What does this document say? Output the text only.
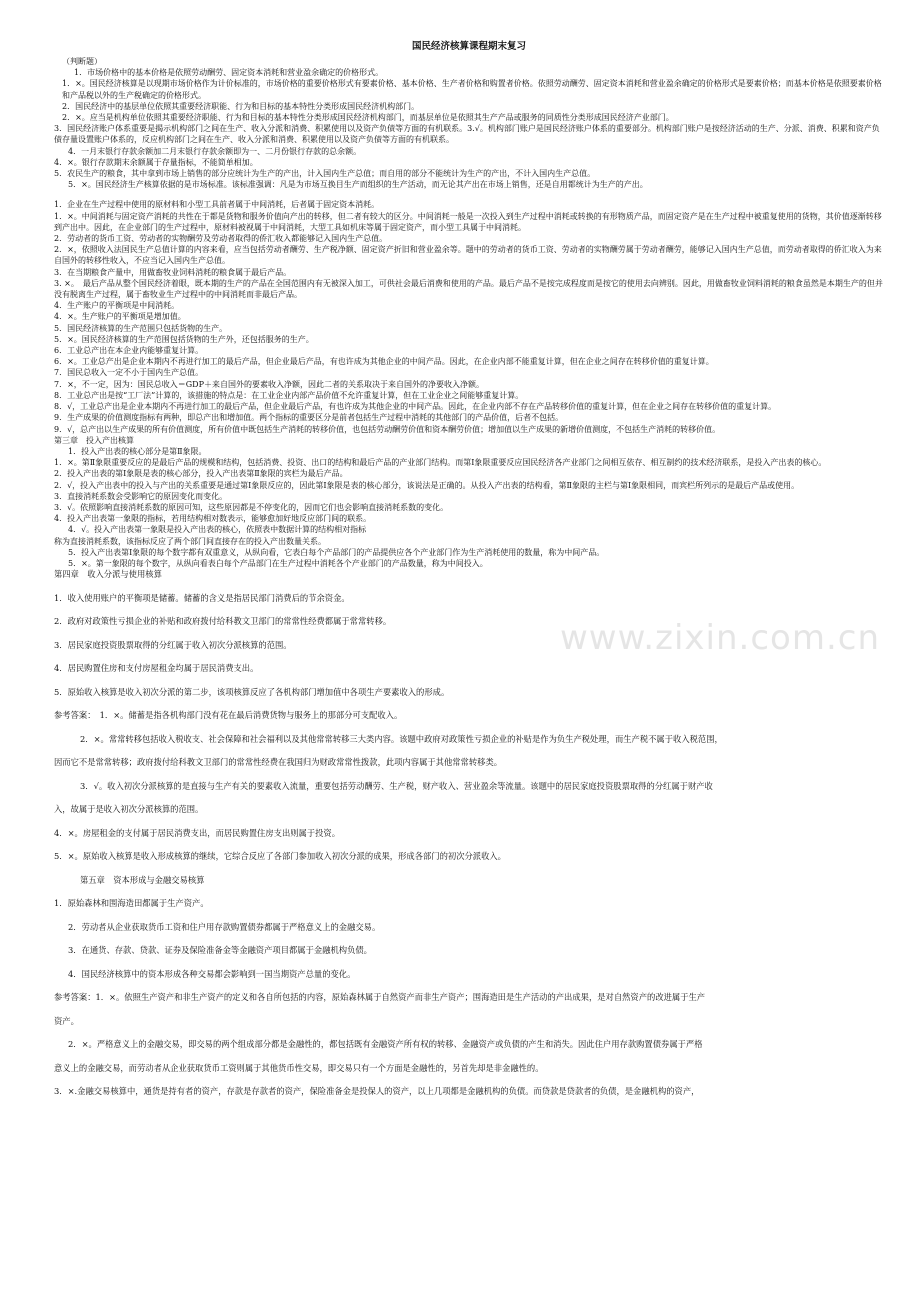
国民经济核算课程期末复习

（判断题）

1．市场价格中的基本价格是依照劳动酬劳、固定资本消耗和营业盈余确定的价格形式。

1．×。国民经济核算是以现期市场价格作为计价标准的，市场价格的重要价格形式有要素价格、基本价格、生产者价格和购置者价格。依照劳动酬劳、固定资本消耗和营业盈余确定的价格形式是要素价格；而基本价格是依照要素价格和产品税以外的生产税确定的价格形式。

2．国民经济中的基层单位依照其重要经济职能、行为和目标的基本特性分类形成国民经济机构部门。

2．×。应当是机构单位依照其重要经济职能、行为和目标的基本特性分类形成国民经济机构部门，而基层单位是依照其生产产品或服务的同质性分类形成国民经济产业部门。

3．国民经济账户体系重要是揭示机构部门之间在生产、收入分派和消费、积累使用以及资产负债等方面的有机联系。3.√。机构部门账户是国民经济账户体系的重要部分。机构部门账户是按经济活动的生产、分派、消费、积累和资产负债存量设置账户体系的，反应机构部门之间在生产、收入分派和消费、积累使用以及资产负债等方面的有机联系。

4．一月末银行存款余额加二月末银行存款余额即为一、二月份银行存款的总余额。

4．×。银行存款期末余额属于存量指标，不能简单相加。

5．农民生产的粮食，其中拿到市场上销售的部分应统计为生产的产出，计入国内生产总值；而自用的部分不能统计为生产的产出，不计入国内生产总值。

5．×。国民经济生产核算依据的是市场标准。该标准强调：凡是为市场互换目生产而组织的生产活动，而无论其产出在市场上销售，还是自用都统计为生产的产出。

1．企业在生产过程中使用的原材料和小型工具前者属于中间消耗，后者属于固定资本消耗。

1．×。中间消耗与固定资产消耗的共性在于都是货物和服务价值向产出的转移，但二者有较大的区分。中间消耗一般是一次投入到生产过程中消耗或转换的有形物质产品，而固定资产是在生产过程中被重复使用的货物，其价值逐渐转移到产出中。因此，在企业部门的生产过程中，原材料被视属于中间消耗，大型工具如机床等属于固定资产，而小型工具属于中间消耗。

2．劳动者的货币工资、劳动者的实物酬劳及劳动者取得的侨汇收入都能够记入国内生产总值。

2．×，依照收入法国民生产总值计算的内容来看，应当包括劳动者酬劳、生产税净额、固定资产折旧和营业盈余等。题中的劳动者的货币工资、劳动者的实物酬劳属于劳动者酬劳，能够记入国内生产总值，而劳动者取得的侨汇收入为来自国外的转移性收入，不应当记入国内生产总值。

3．在当期粮食产量中，用做畜牧业饲料消耗的粮食属于最后产品。

3. ×。　最后产品从整个国民经济着眼，既本期的生产的产品在全国范围内有无被深入加工，可供社会最后消费和使用的产品。最后产品不是按完成程度而是按它的使用去向辨别。因此，用做畜牧业饲料消耗的粮食虽然是本期生产的但并没有脱离生产过程，属于畜牧业生产过程中的中间消耗而非最后产品。

4．生产账户的平衡项是中间消耗。

4．×。生产账户的平衡项是增加值。

5．国民经济核算的生产范围只包括货物的生产。

5．×。国民经济核算的生产范围包括货物的生产外，还包括服务的生产。

6．工业总产出在本企业内能够重复计算。

6．×。工业总产出是企业本期内不再进行加工的最后产品，但企业最后产品，有也许成为其他企业的中间产品。因此，在企业内部不能重复计算，但在企业之间存在转移价值的重复计算。

7．国民总收入一定不小于国内生产总值。

7．×，不一定，因为：国民总收入＝GDP＋来自国外的要素收入净额，因此二者的关系取决于来自国外的净要收入净额。

8．工业总产出是按“工厂法”计算的，该措施的特点是：在工业企业内部产品价值不允许重复计算，但在工业企业之间能够重复计算。

8．√，工业总产出是企业本期内不再进行加工的最后产品，但企业最后产品，有也许成为其他企业的中间产品。因此，在企业内部不存在产品转移价值的重复计算，但在企业之间存在转移价值的重复计算。

9．生产成果的价值测度指标有两种，即总产出和增加值。两个指标的重要区分是前者包括生产过程中消耗的其他部门的产品价值，后者不包括。

9．√，总产出以生产成果的所有价值测度，所有价值中既包括生产消耗的转移价值，也包括劳动酬劳价值和资本酬劳价值；增加值以生产成果的新增价值测度，不包括生产消耗的转移价值。

第三章　投入产出核算

1．投入产出表的核心部分是第Ⅱ象限。

1．×。第Ⅱ象限重要反应的是最后产品的规模和结构，包括消费、投资、出口的结构和最后产品的产业部门结构。而第Ⅰ象限重要反应国民经济各产业部门之间相互依存、相互制约的技术经济联系，是投入产出表的核心。

2．投入产出表的第Ⅰ象限是表的核心部分，投入产出表第Ⅱ象限的宾栏为最后产品。

2．√，投入产出表中的投入与产出的关系重要是通过第Ⅰ象限反应的，因此第Ⅰ象限是表的核心部分，该说法是正确的。从投入产出表的结构看，第Ⅱ象限的主栏与第Ⅰ象限相同，而宾栏所列示的是最后产品或使用。

3．直接消耗系数会受影响它的原因变化而变化。

3．√。依照影响直接消耗系数的原因可知，这些原因都是不停变化的，因而它们也会影响直接消耗系数的变化。

4．投入产出表第一象限的指标，若用结构相对数表示，能够愈加好地反应部门间的联系。

4．√。投入产出表第一象限是投入产出表的核心，依照表中数据计算的结构相对指标

称为直接消耗系数，该指标反应了两个部门间直接存在的投入产出数量关系。

5．投入产出表第Ⅰ象限的每个数字都有双重意义，从纵向看，它表白每个产品部门的产品提供应各个产业部门作为生产消耗使用的数量，称为中间产品。

5．×。第一象限的每个数字，从纵向看表白每个产品部门在生产过程中消耗各个产业部门的产品数量，称为中间投入。

第四章　收入分派与使用核算

1．收入使用账户的平衡项是储蓄。储蓄的含义是指居民部门消费后的节余资金。

2．政府对政策性亏损企业的补贴和政府拨付给科教文卫部门的常常性经费都属于常常转移。

3．居民家庭投资股票取得的分红属于收入初次分派核算的范围。

4．居民购置住房和支付房屋租金均属于居民消费支出。

5．原始收入核算是收入初次分派的第二步，该项核算反应了各机构部门增加值中各项生产要素收入的形成。

参考答案：　1．×。储蓄是指各机构部门没有花在最后消费货物与服务上的那部分可支配收入。

2．×。常常转移包括收入税收支、社会保障和社会福利以及其他常常转移三大类内容。该题中政府对政策性亏损企业的补贴是作为负生产税处理，而生产税不属于收入税范围，

因而它不是常常转移；政府拨付给科教文卫部门的常常性经费在我国归为财政常常性拨款，此项内容属于其他常常转移类。

3．√。收入初次分派核算的是直接与生产有关的要素收入流量，重要包括劳动酬劳、生产税，财产收入、营业盈余等流量。该题中的居民家庭投资股票取得的分红属于财产收

入，故属于是收入初次分派核算的范围。

4．×。房屋租金的支付属于居民消费支出，而居民购置住房支出则属于投资。

5．×。原始收入核算是收入形成核算的继续，它综合反应了各部门参加收入初次分派的成果，形成各部门的初次分派收入。

第五章　资本形成与金融交易核算

1．原始森林和围海造田都属于生产资产。

2．劳动者从企业获取货币工资和住户用存款购置债券都属于严格意义上的金融交易。

3．在通货、存款、贷款、证券及保险准备金等金融资产项目都属于金融机构负债。

4．国民经济核算中的资本形成各种交易都会影响到一国当期资产总量的变化。

参考答案：1．×。依照生产资产和非生产资产的定义和各自所包括的内容，原始森林属于自然资产而非生产资产；围海造田是生产活动的产出成果，是对自然资产的改进属于生产

资产。

2．×。严格意义上的金融交易，即交易的两个组成部分都是金融性的，都包括既有金融资产所有权的转移、金融资产或负债的产生和消失。因此住户用存款购置债券属于严格

意义上的金融交易，而劳动者从企业获取货币工资则属于其他货币性交易，即交易只有一个方面是金融性的，另首先却是非金融性的。

3．×.金融交易核算中，通货是持有者的资产，存款是存款者的资产，保险准备金是投保人的资产，以上几项都是金融机构的负债。而贷款是贷款者的负债，是金融机构的资产，

www.zixin.com.cn
